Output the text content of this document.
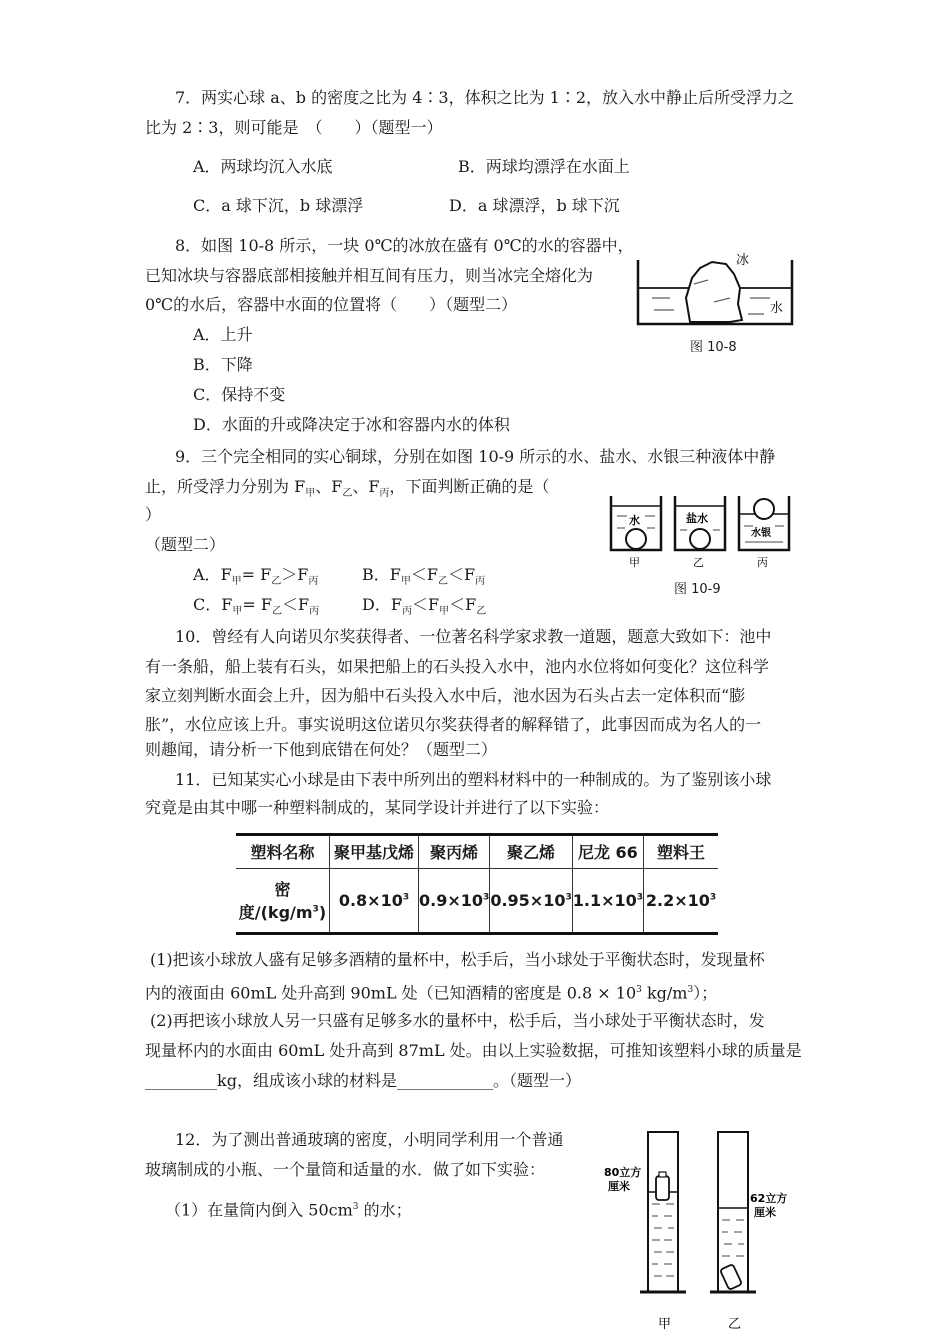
7．两实心球 a、b 的密度之比为 4∶3，体积之比为 1∶2，放入水中静止后所受浮力之
比为 2∶3，则可能是　（　　）（题型一）
A．两球均沉入水底	B．两球均漂浮在水面上
C．a 球下沉，b 球漂浮	D．a 球漂浮，b 球下沉
8．如图 10-8 所示，一块 0℃的冰放在盛有 0℃的水的容器中，
已知冰块与容器底部相接触并相互间有压力，则当冰完全熔化为
0℃的水后，容器中水面的位置将（　　）（题型二）
A．上升
B．下降
C．保持不变
D．水面的升或降决定于冰和容器内水的体积
冰
水
图 10-8
9．三个完全相同的实心铜球，分别在如图 10-9 所示的水、盐水、水银三种液体中静
止，所受浮力分别为 $F_甲$、$F_乙$、$F_丙$，下面判断正确的是（
）
（题型二）
A．$F_甲= F_乙>F_丙$	B．$F_甲<F_乙<F_丙$
C．$F_甲= F_乙<F_丙$	D．$F_丙<F_甲<F_乙$
水
甲
盐水
乙
水银
丙
图 10-9
10．曾经有人向诺贝尔奖获得者、一位著名科学家求教一道题，题意大致如下：池中
有一条船，船上装有石头，如果把船上的石头投入水中，池内水位将如何变化？这位科学
家立刻判断水面会上升，因为船中石头投入水中后，池水因为石头占去一定体积而“膨
胀”，水位应该上升。事实说明这位诺贝尔奖获得者的解释错了，此事因而成为名人的一
则趣闻，请分析一下他到底错在何处？（题型二）
11．已知某实心小球是由下表中所列出的塑料材料中的一种制成的。为了鉴别该小球
究竟是由其中哪一种塑料制成的，某同学设计并进行了以下实验：
塑料名称	聚甲基戊烯	聚丙烯	聚乙烯	尼龙 66	塑料王
密度$/(kg/m^3)$	$0.8\times 10^3$	$0.9\times 10^3$	$0.95\times 10^3$	$1.1\times 10^3$	$2.2\times 10^3$
(1)把该小球放人盛有足够多酒精的量杯中，松手后，当小球处于平衡状态时，发现量杯
内的液面由 60mL 处升高到 90mL 处（已知酒精的密度是 $0.8 \times 10^3$ $kg/m^3$）；
(2)再把该小球放人另一只盛有足够多水的量杯中，松手后，当小球处于平衡状态时，发
现量杯内的水面由 60mL 处升高到 87mL 处。由以上实验数据，可推知该塑料小球的质量是
_________kg，组成该小球的材料是____________。（题型一）
12．为了测出普通玻璃的密度，小明同学利用一个普通
玻璃制成的小瓶、一个量筒和适量的水．做了如下实验：
（1）在量筒内倒入 $50cm^3$ 的水；
80立方
厘米
甲
62立方
厘米
乙
